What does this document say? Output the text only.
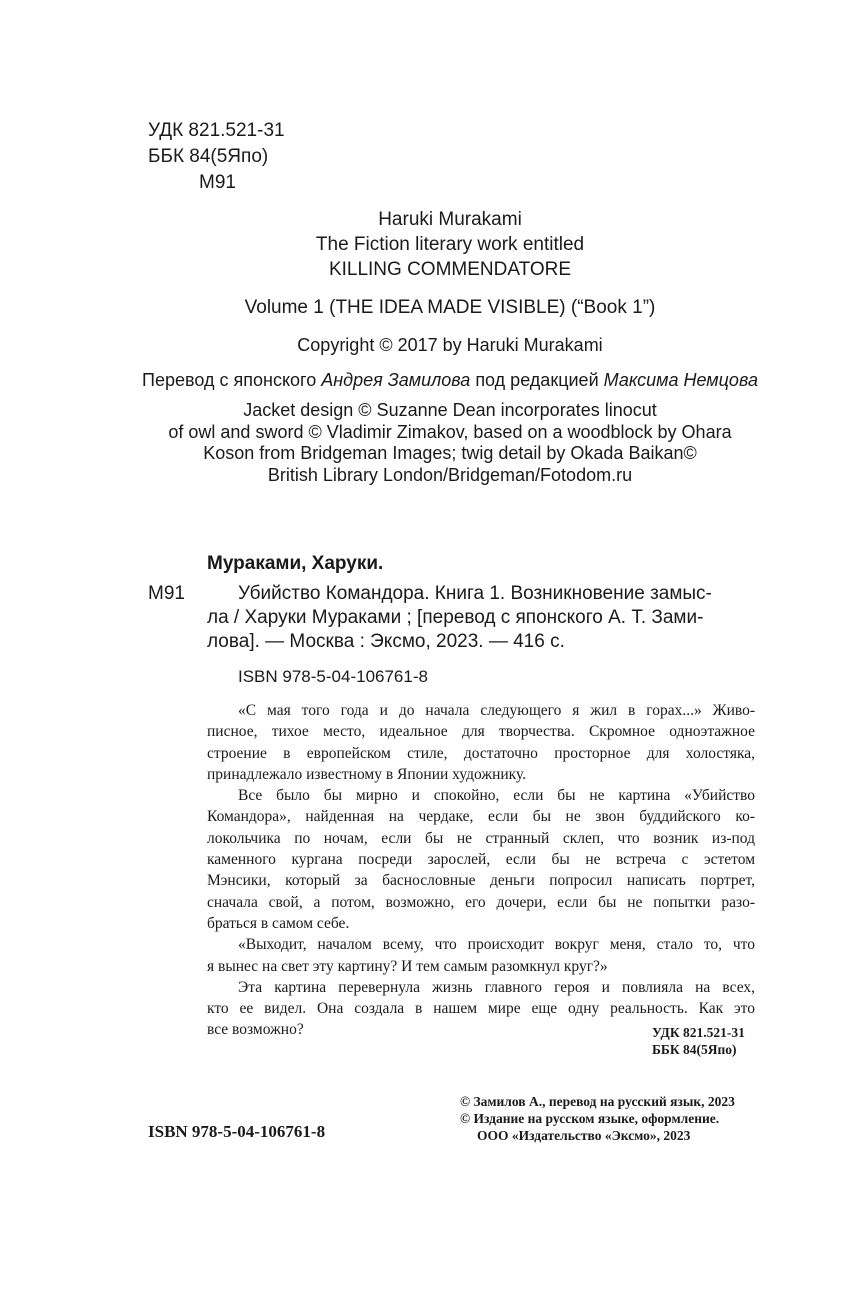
УДК 821.521-31
ББК 84(5Япо)
М91
Haruki Murakami
The Fiction literary work entitled
KILLING COMMENDATORE
Volume 1 (THE IDEA MADE VISIBLE) (“Book 1”)
Copyright © 2017 by Haruki Murakami
Перевод с японского Андрея Замилова под редакцией Максима Немцова
Jacket design © Suzanne Dean incorporates linocut
of owl and sword © Vladimir Zimakov, based on a woodblock by Ohara
Koson from Bridgeman Images; twig detail by Okada Baikan©
British Library London/Bridgeman/Fotodom.ru
Мураками, Харуки.
М91	Убийство Командора. Книга 1. Возникновение замыс-
ла / Харуки Мураками ; [перевод с японского А. Т. Зами-
лова]. — Москва : Эксмо, 2023. — 416 с.
ISBN 978-5-04-106761-8
«С мая того года и до начала следующего я жил в горах...» Живо-
писное, тихое место, идеальное для творчества. Скромное одноэтажное
строение в европейском стиле, достаточно просторное для холостяка,
принадлежало известному в Японии художнику.
Все было бы мирно и спокойно, если бы не картина «Убийство
Командора», найденная на чердаке, если бы не звон буддийского ко-
локольчика по ночам, если бы не странный склеп, что возник из-под
каменного кургана посреди зарослей, если бы не встреча с эстетом
Мэнсики, который за баснословные деньги попросил написать портрет,
сначала свой, а потом, возможно, его дочери, если бы не попытки разо-
браться в самом себе.
«Выходит, началом всему, что происходит вокруг меня, стало то, что
я вынес на свет эту картину? И тем самым разомкнул круг?»
Эта картина перевернула жизнь главного героя и повлияла на всех,
кто ее видел. Она создала в нашем мире еще одну реальность. Как это
все возможно?	УДК 821.521-31
ББК 84(5Япо)
© Замилов А., перевод на русский язык, 2023
© Издание на русском языке, оформление.
ООО «Издательство «Эксмо», 2023
ISBN 978-5-04-106761-8
